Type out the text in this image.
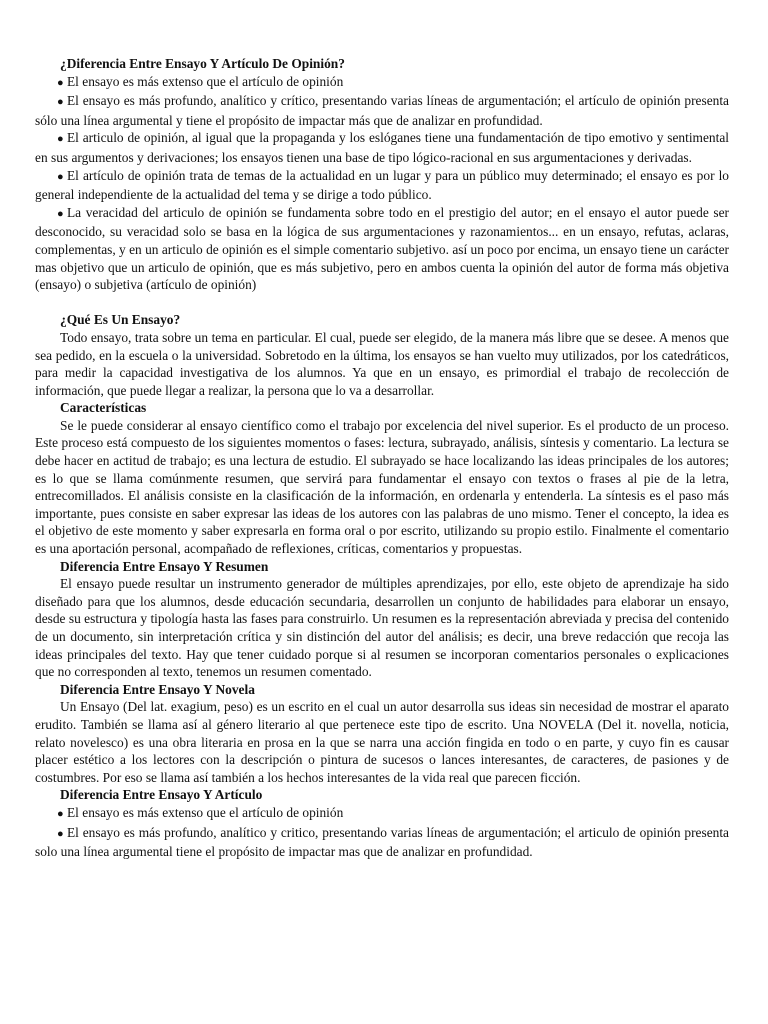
¿Diferencia Entre Ensayo Y Artículo De Opinión?

● El ensayo es más extenso que el artículo de opinión

● El ensayo es más profundo, analítico y crítico, presentando varias líneas de argumentación; el artículo de opinión presenta sólo una línea argumental y tiene el propósito de impactar más que de analizar en profundidad.

● El articulo de opinión, al igual que la propaganda y los eslóganes tiene una fundamentación de tipo emotivo y sentimental en sus argumentos y derivaciones; los ensayos tienen una base de tipo lógico-racional en sus argumentaciones y derivadas.

● El artículo de opinión trata de temas de la actualidad en un lugar y para un público muy determinado; el ensayo es por lo general independiente de la actualidad del tema y se dirige a todo público.

● La veracidad del articulo de opinión se fundamenta sobre todo en el prestigio del autor; en el ensayo el autor puede ser desconocido, su veracidad solo se basa en la lógica de sus argumentaciones y razonamientos... en un ensayo, refutas, aclaras, complementas, y en un articulo de opinión es el simple comentario subjetivo. así un poco por encima, un ensayo tiene un carácter mas objetivo que un articulo de opinión, que es más subjetivo, pero en ambos cuenta la opinión del autor de forma más objetiva (ensayo) o subjetiva (artículo de opinión)

¿Qué Es Un Ensayo?

Todo ensayo, trata sobre un tema en particular. El cual, puede ser elegido, de la manera más libre que se desee. A menos que sea pedido, en la escuela o la universidad. Sobretodo en la última, los ensayos se han vuelto muy utilizados, por los catedráticos, para medir la capacidad investigativa de los alumnos. Ya que en un ensayo, es primordial el trabajo de recolección de información, que puede llegar a realizar, la persona que lo va a desarrollar.

Características

Se le puede considerar al ensayo científico como el trabajo por excelencia del nivel superior. Es el producto de un proceso. Este proceso está compuesto de los siguientes momentos o fases: lectura, subrayado, análisis, síntesis y comentario. La lectura se debe hacer en actitud de trabajo; es una lectura de estudio. El subrayado se hace localizando las ideas principales de los autores; es lo que se llama comúnmente resumen, que servirá para fundamentar el ensayo con textos o frases al pie de la letra, entrecomillados. El análisis consiste en la clasificación de la información, en ordenarla y entenderla. La síntesis es el paso más importante, pues consiste en saber expresar las ideas de los autores con las palabras de uno mismo. Tener el concepto, la idea es el objetivo de este momento y saber expresarla en forma oral o por escrito, utilizando su propio estilo. Finalmente el comentario es una aportación personal, acompañado de reflexiones, críticas, comentarios y propuestas.

Diferencia Entre Ensayo Y Resumen

El ensayo puede resultar un instrumento generador de múltiples aprendizajes, por ello, este objeto de aprendizaje ha sido diseñado para que los alumnos, desde educación secundaria, desarrollen un conjunto de habilidades para elaborar un ensayo, desde su estructura y tipología hasta las fases para construirlo. Un resumen es la representación abreviada y precisa del contenido de un documento, sin interpretación crítica y sin distinción del autor del análisis; es decir, una breve redacción que recoja las ideas principales del texto. Hay que tener cuidado porque si al resumen se incorporan comentarios personales o explicaciones que no corresponden al texto, tenemos un resumen comentado.

Diferencia Entre Ensayo Y Novela

Un Ensayo (Del lat. exagium, peso) es un escrito en el cual un autor desarrolla sus ideas sin necesidad de mostrar el aparato erudito. También se llama así al género literario al que pertenece este tipo de escrito. Una NOVELA (Del it. novella, noticia, relato novelesco) es una obra literaria en prosa en la que se narra una acción fingida en todo o en parte, y cuyo fin es causar placer estético a los lectores con la descripción o pintura de sucesos o lances interesantes, de caracteres, de pasiones y de costumbres. Por eso se llama así también a los hechos interesantes de la vida real que parecen ficción.

Diferencia Entre Ensayo Y Artículo

● El ensayo es más extenso que el artículo de opinión

● El ensayo es más profundo, analítico y critico, presentando varias líneas de argumentación; el articulo de opinión presenta solo una línea argumental tiene el propósito de impactar mas que de analizar en profundidad.
